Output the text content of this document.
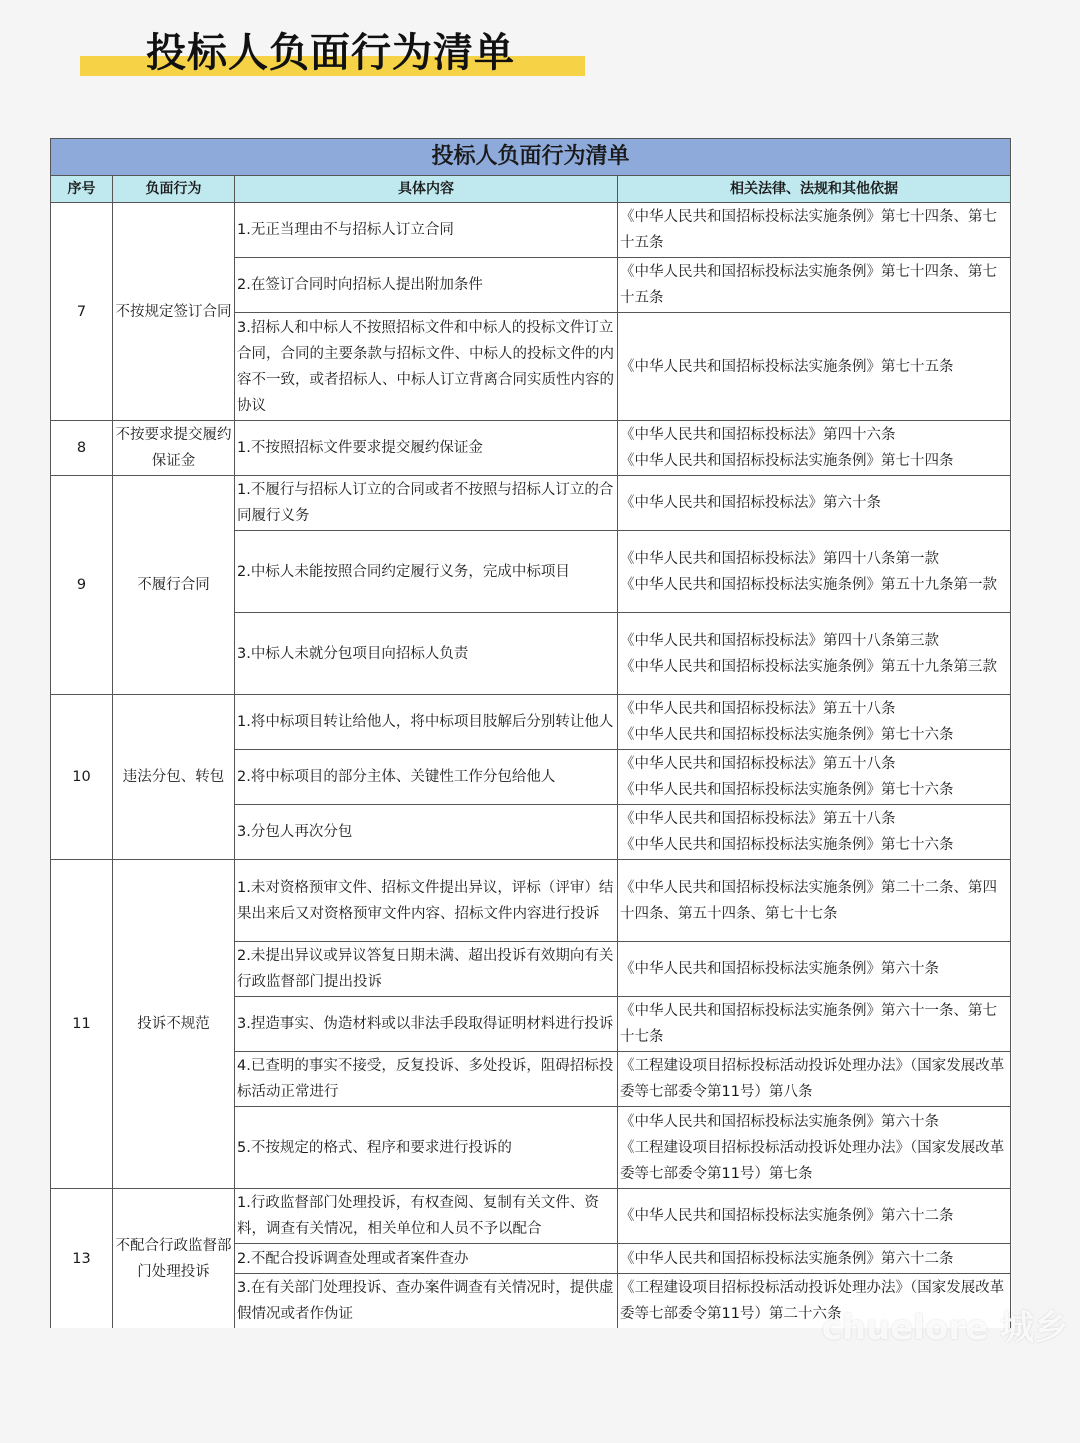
投标人负面行为清单
投标人负面行为清单			
序号	负面行为	具体内容	相关法律、法规和其他依据
7	不按规定签订合同	1.无正当理由不与招标人订立合同	《中华人民共和国招标投标法实施条例》第七十四条、第七十五条
		2.在签订合同时向招标人提出附加条件	《中华人民共和国招标投标法实施条例》第七十四条、第七十五条
		3.招标人和中标人不按照招标文件和中标人的投标文件订立合同，合同的主要条款与招标文件、中标人的投标文件的内容不一致，或者招标人、中标人订立背离合同实质性内容的协议	《中华人民共和国招标投标法实施条例》第七十五条
8	不按要求提交履约保证金	1.不按照招标文件要求提交履约保证金	《中华人民共和国招标投标法》第四十六条
《中华人民共和国招标投标法实施条例》第七十四条
9	不履行合同	1.不履行与招标人订立的合同或者不按照与招标人订立的合同履行义务	《中华人民共和国招标投标法》第六十条
		2.中标人未能按照合同约定履行义务，完成中标项目	《中华人民共和国招标投标法》第四十八条第一款
《中华人民共和国招标投标法实施条例》第五十九条第一款
		3.中标人未就分包项目向招标人负责	《中华人民共和国招标投标法》第四十八条第三款
《中华人民共和国招标投标法实施条例》第五十九条第三款
10	违法分包、转包	1.将中标项目转让给他人，将中标项目肢解后分别转让他人	《中华人民共和国招标投标法》第五十八条
《中华人民共和国招标投标法实施条例》第七十六条
		2.将中标项目的部分主体、关键性工作分包给他人	《中华人民共和国招标投标法》第五十八条
《中华人民共和国招标投标法实施条例》第七十六条
		3.分包人再次分包	《中华人民共和国招标投标法》第五十八条
《中华人民共和国招标投标法实施条例》第七十六条
11	投诉不规范	1.未对资格预审文件、招标文件提出异议，评标（评审）结果出来后又对资格预审文件内容、招标文件内容进行投诉	《中华人民共和国招标投标法实施条例》第二十二条、第四十四条、第五十四条、第七十七条
		2.未提出异议或异议答复日期未满、超出投诉有效期向有关行政监督部门提出投诉	《中华人民共和国招标投标法实施条例》第六十条
		3.捏造事实、伪造材料或以非法手段取得证明材料进行投诉	《中华人民共和国招标投标法实施条例》第六十一条、第七十七条
		4.已查明的事实不接受，反复投诉、多处投诉，阻碍招标投标活动正常进行	《工程建设项目招标投标活动投诉处理办法》（国家发展改革委等七部委令第11号）第八条
		5.不按规定的格式、程序和要求进行投诉的	《中华人民共和国招标投标法实施条例》第六十条
《工程建设项目招标投标活动投诉处理办法》（国家发展改革委等七部委令第11号）第七条
13	不配合行政监督部门处理投诉	1.行政监督部门处理投诉，有权查阅、复制有关文件、资料，调查有关情况，相关单位和人员不予以配合	《中华人民共和国招标投标法实施条例》第六十二条
		2.不配合投诉调查处理或者案件查办	《中华人民共和国招标投标法实施条例》第六十二条
		3.在有关部门处理投诉、查办案件调查有关情况时，提供虚假情况或者作伪证	《工程建设项目招标投标活动投诉处理办法》（国家发展改革委等七部委令第11号）第二十六条
chuelore 城乡
